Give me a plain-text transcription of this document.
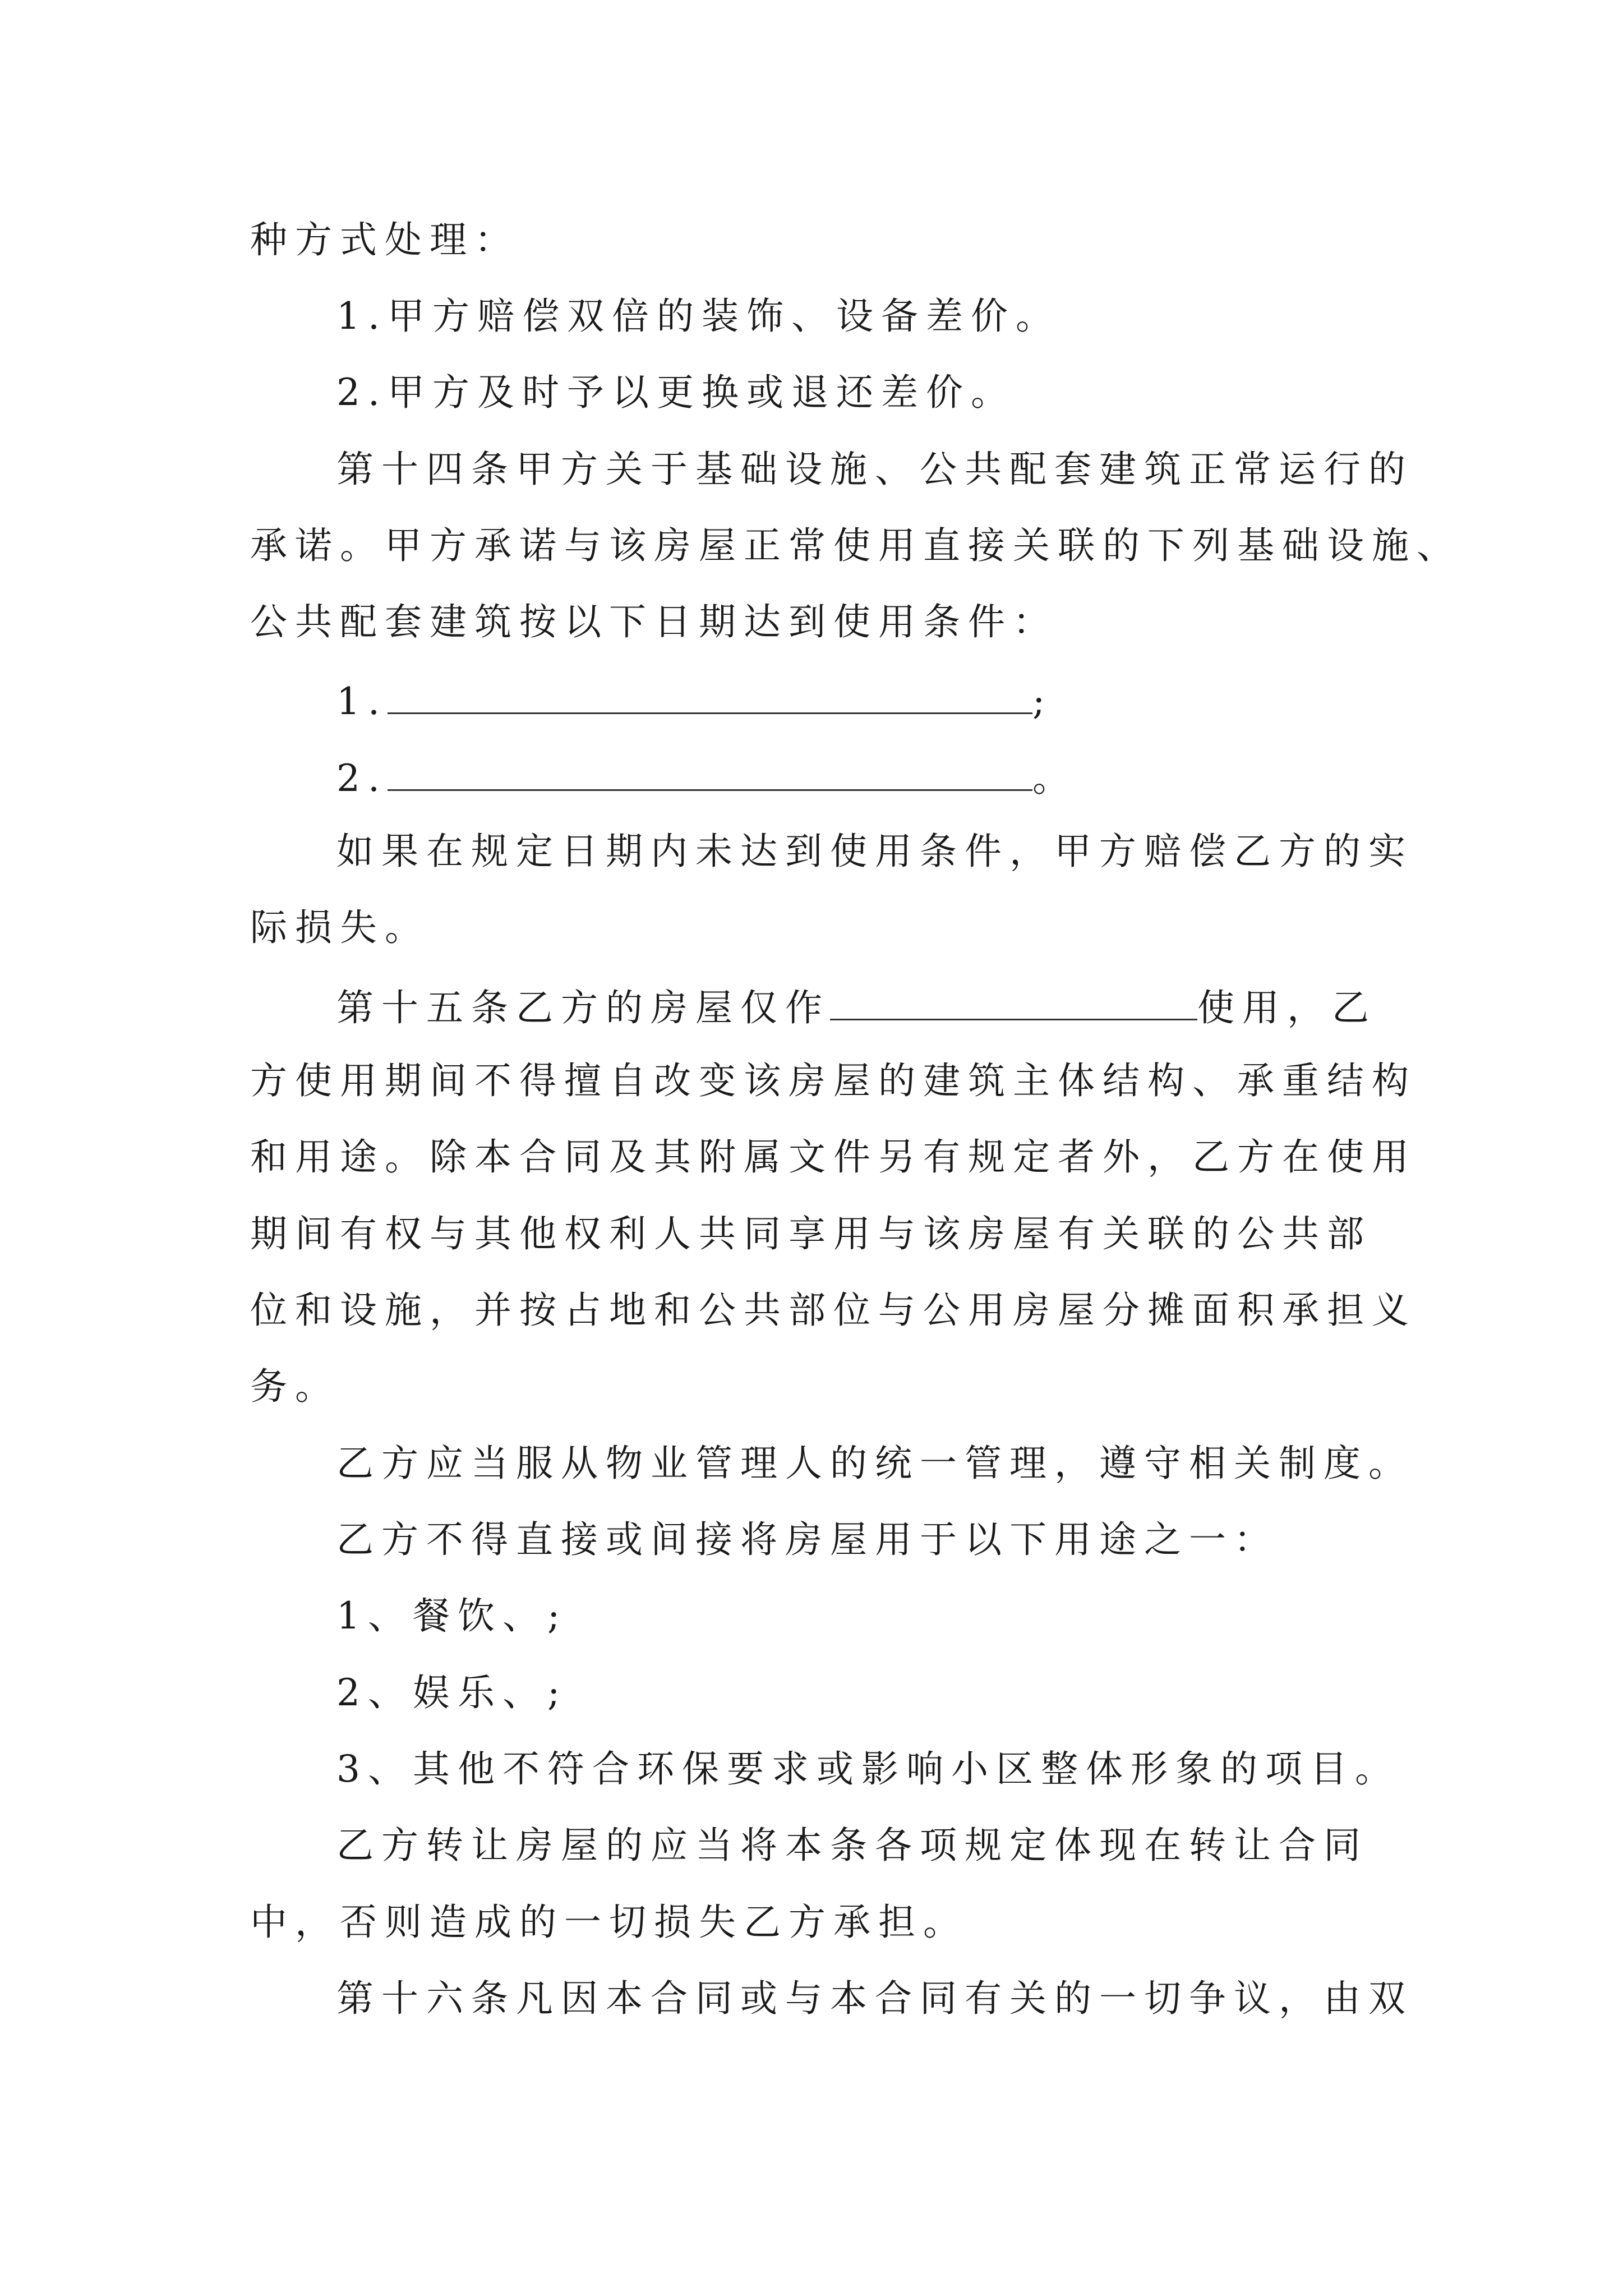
种方式处理：
1.甲方赔偿双倍的装饰、设备差价。
2.甲方及时予以更换或退还差价。
第十四条甲方关于基础设施、公共配套建筑正常运行的
承诺。甲方承诺与该房屋正常使用直接关联的下列基础设施、
公共配套建筑按以下日期达到使用条件：
1.	;
2.	。
如果在规定日期内未达到使用条件，甲方赔偿乙方的实
际损失。
第十五条乙方的房屋仅作	使用，乙
方使用期间不得擅自改变该房屋的建筑主体结构、承重结构
和用途。除本合同及其附属文件另有规定者外，乙方在使用
期间有权与其他权利人共同享用与该房屋有关联的公共部
位和设施，并按占地和公共部位与公用房屋分摊面积承担义
务。
乙方应当服从物业管理人的统一管理，遵守相关制度。
乙方不得直接或间接将房屋用于以下用途之一：
1、餐饮、;
2、娱乐、;
3、其他不符合环保要求或影响小区整体形象的项目。
乙方转让房屋的应当将本条各项规定体现在转让合同
中，否则造成的一切损失乙方承担。
第十六条凡因本合同或与本合同有关的一切争议，由双
